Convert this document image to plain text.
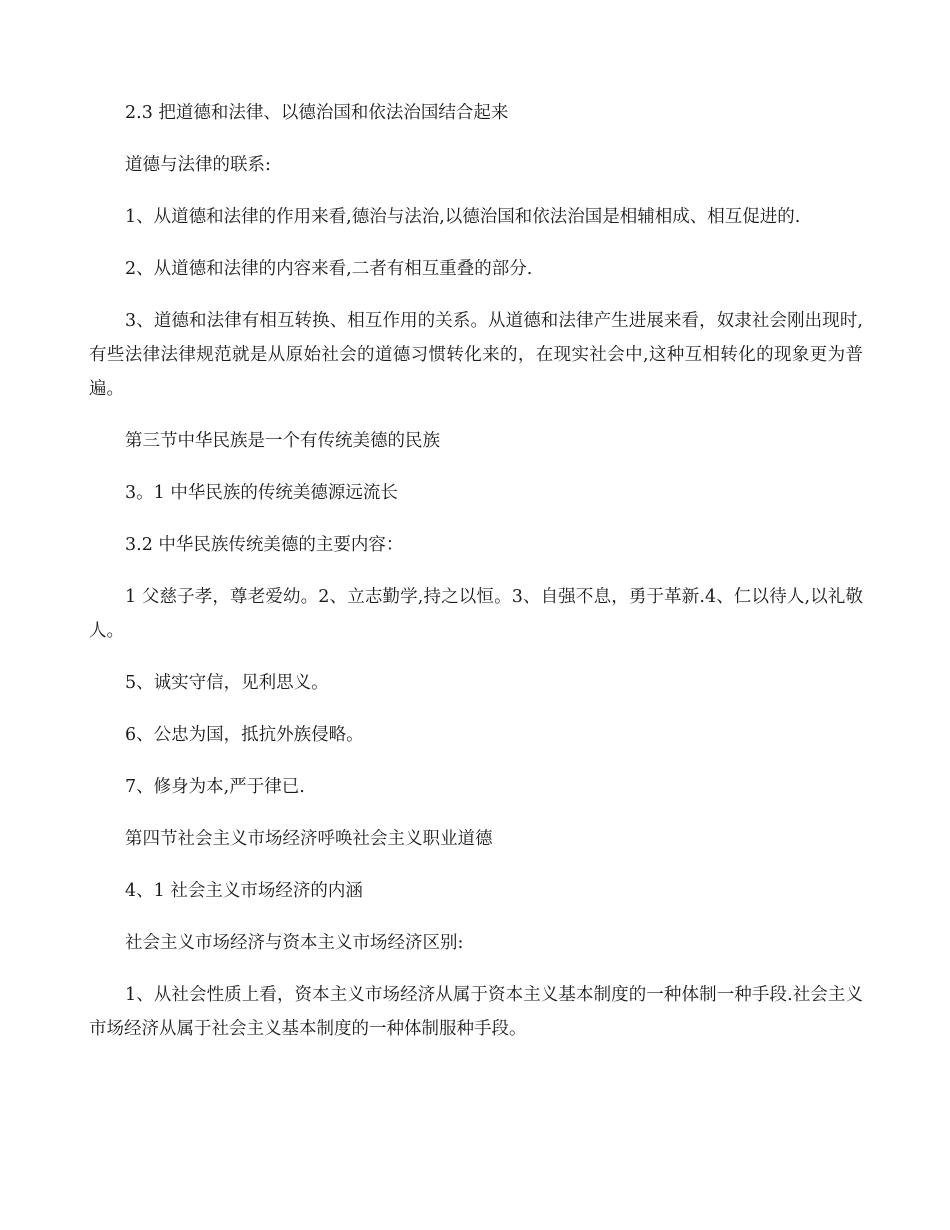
2.3 把道德和法律、以德治国和依法治国结合起来

道德与法律的联系:

1、从道德和法律的作用来看,德治与法治,以德治国和依法治国是相辅相成、相互促进的.

2、从道德和法律的内容来看,二者有相互重叠的部分.

3、道德和法律有相互转换、相互作用的关系。从道德和法律产生进展来看，奴隶社会刚出现时,有些法律法律规范就是从原始社会的道德习惯转化来的，在现实社会中,这种互相转化的现象更为普遍。

第三节中华民族是一个有传统美德的民族

3。1 中华民族的传统美德源远流长

3.2 中华民族传统美德的主要内容：

1 父慈子孝，尊老爱幼。2、立志勤学,持之以恒。3、自强不息，勇于革新.4、仁以待人,以礼敬人。

5、诚实守信，见利思义。

6、公忠为国，抵抗外族侵略。

7、修身为本,严于律已.

第四节社会主义市场经济呼唤社会主义职业道德

4、1 社会主义市场经济的内涵

社会主义市场经济与资本主义市场经济区别:

1、从社会性质上看，资本主义市场经济从属于资本主义基本制度的一种体制一种手段.社会主义市场经济从属于社会主义基本制度的一种体制服种手段。
